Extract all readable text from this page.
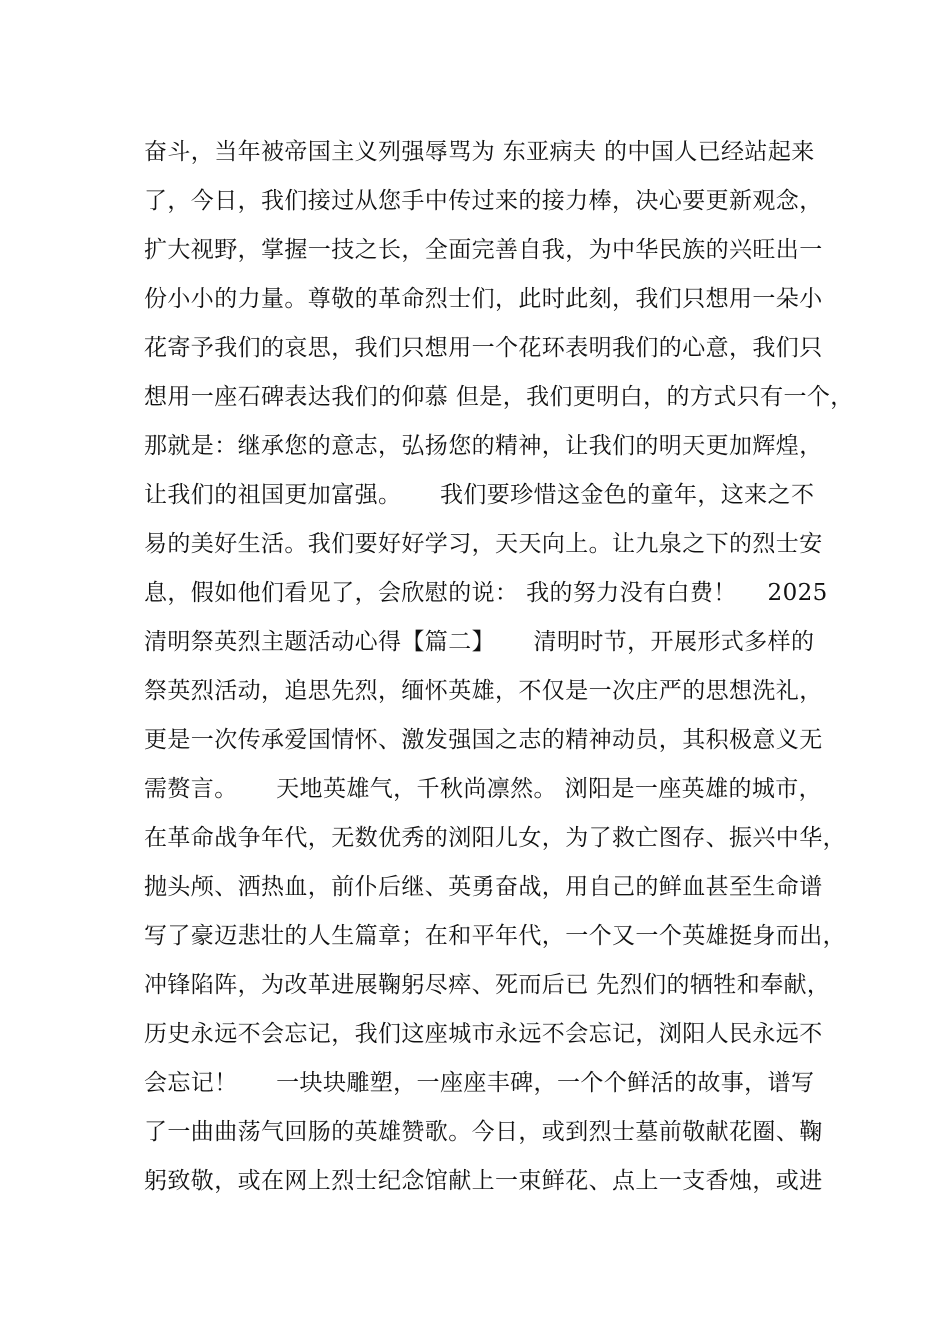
奋斗，当年被帝国主义列强辱骂为 东亚病夫 的中国人已经站起来
了，今日，我们接过从您手中传过来的接力棒，决心要更新观念，
扩大视野，掌握一技之长，全面完善自我，为中华民族的兴旺出一
份小小的力量。尊敬的革命烈士们，此时此刻，我们只想用一朵小
花寄予我们的哀思，我们只想用一个花环表明我们的心意，我们只
想用一座石碑表达我们的仰慕 但是，我们更明白，的方式只有一个，
那就是：继承您的意志，弘扬您的精神，让我们的明天更加辉煌，
让我们的祖国更加富强。     我们要珍惜这金色的童年，这来之不
易的美好生活。我们要好好学习，天天向上。让九泉之下的烈士安
息，假如他们看见了，会欣慰的说： 我的努力没有白费！    2025
清明祭英烈主题活动心得【篇二】     清明时节，开展形式多样的
祭英烈活动，追思先烈，缅怀英雄，不仅是一次庄严的思想洗礼，
更是一次传承爱国情怀、激发强国之志的精神动员，其积极意义无
需赘言。     天地英雄气，千秋尚凛然。 浏阳是一座英雄的城市，
在革命战争年代，无数优秀的浏阳儿女，为了救亡图存、振兴中华，
抛头颅、洒热血，前仆后继、英勇奋战，用自己的鲜血甚至生命谱
写了豪迈悲壮的人生篇章；在和平年代，一个又一个英雄挺身而出，
冲锋陷阵，为改革进展鞠躬尽瘁、死而后已 先烈们的牺牲和奉献，
历史永远不会忘记，我们这座城市永远不会忘记，浏阳人民永远不
会忘记！     一块块雕塑，一座座丰碑，一个个鲜活的故事，谱写
了一曲曲荡气回肠的英雄赞歌。今日，或到烈士墓前敬献花圈、鞠
躬致敬，或在网上烈士纪念馆献上一束鲜花、点上一支香烛，或进
